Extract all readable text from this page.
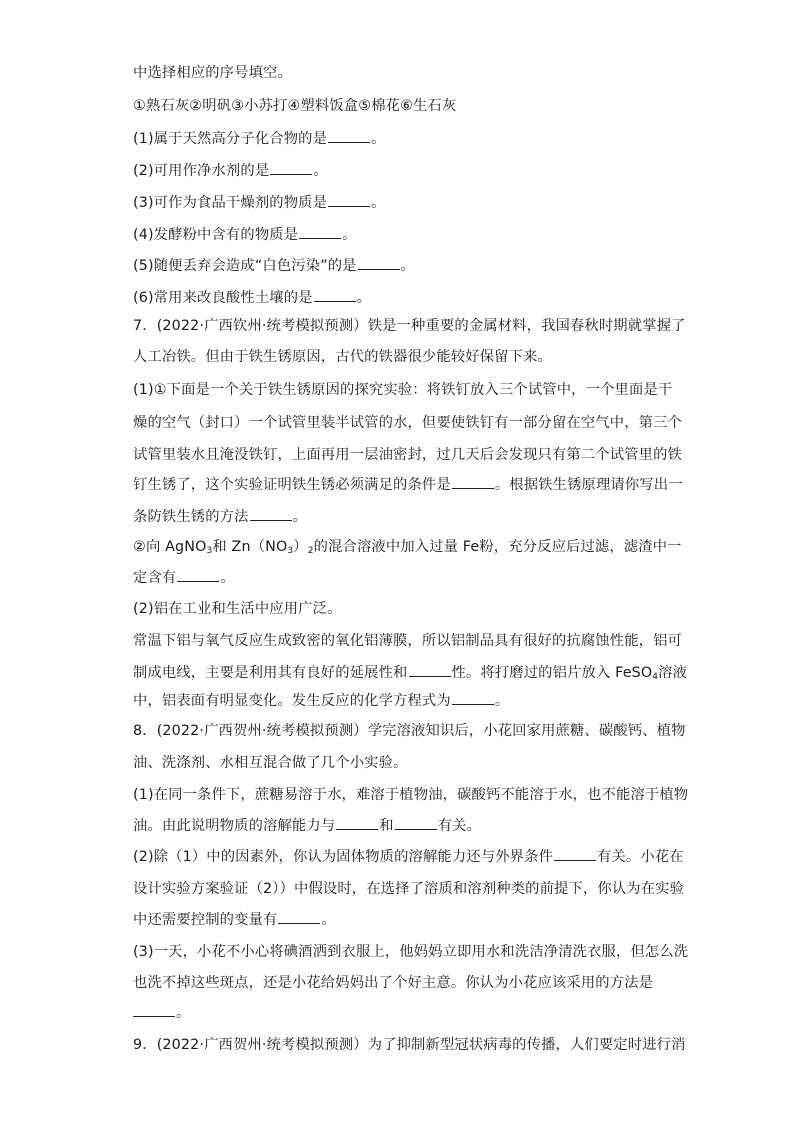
中选择相应的序号填空。
①熟石灰②明矾③小苏打④塑料饭盒⑤棉花⑥生石灰
(1)属于天然高分子化合物的是	。
(2)可用作净水剂的是	。
(3)可作为食品干燥剂的物质是	。
(4)发酵粉中含有的物质是	。
(5)随便丢弃会造成“白色污染”的是	。
(6)常用来改良酸性土壤的是	。
7．(2022·广西钦州·统考模拟预测）铁是一种重要的金属材料，我国春秋时期就掌握了
人工冶铁。但由于铁生锈原因，古代的铁器很少能较好保留下来。
(1)①下面是一个关于铁生锈原因的探究实验：将铁钉放入三个试管中，一个里面是干
燥的空气（封口）一个试管里装半试管的水，但要使铁钉有一部分留在空气中，第三个
试管里装水且淹没铁钉，上面再用一层油密封，过几天后会发现只有第二个试管里的铁
钉生锈了，这个实验证明铁生锈必须满足的条件是	。根据铁生锈原理请你写出一
条防铁生锈的方法	。
②向 AgNO$_3$和 $Zn(NO_3)_2$的混合溶液中加入过量 Fe粉，充分反应后过滤，滤渣中一
定含有	。
(2)铝在工业和生活中应用广泛。
常温下铝与氧气反应生成致密的氧化铝薄膜，所以铝制品具有很好的抗腐蚀性能，铝可
制成电线，主要是利用其有良好的延展性和	性。将打磨过的铝片放入 FeSO$_4$溶液
中，铝表面有明显变化。发生反应的化学方程式为	。
8．(2022·广西贺州·统考模拟预测）学完溶液知识后，小花回家用蔗糖、碳酸钙、植物
油、洗涤剂、水相互混合做了几个小实验。
(1)在同一条件下，蔗糖易溶于水，难溶于植物油，碳酸钙不能溶于水，也不能溶于植物
油。由此说明物质的溶解能力与	和	有关。
(2)除（1）中的因素外，你认为固体物质的溶解能力还与外界条件	有关。小花在
设计实验方案验证（2））中假设时，在选择了溶质和溶剂种类的前提下，你认为在实验
中还需要控制的变量有	。
(3)一天，小花不小心将碘酒洒到衣服上，他妈妈立即用水和洗洁净清洗衣服，但怎么洗
也洗不掉这些斑点，还是小花给妈妈出了个好主意。你认为小花应该采用的方法是
。
9．(2022·广西贺州·统考模拟预测）为了抑制新型冠状病毒的传播，人们要定时进行消
